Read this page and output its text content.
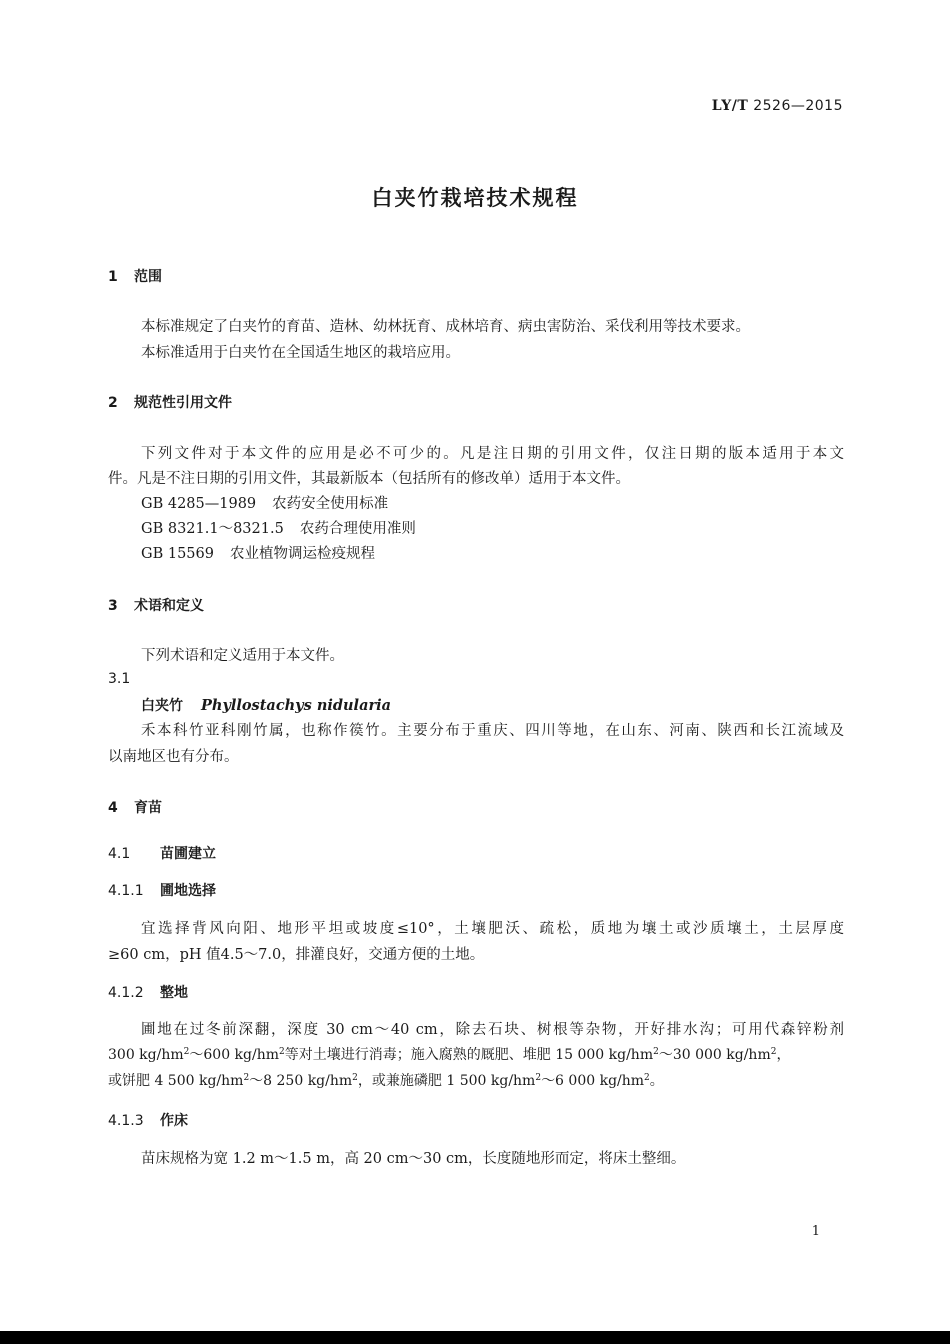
LY/T 2526—2015
白夹竹栽培技术规程
1 范围
本标准规定了白夹竹的育苗、造林、幼林抚育、成林培育、病虫害防治、采伐利用等技术要求。
本标准适用于白夹竹在全国适生地区的栽培应用。
2 规范性引用文件
下列文件对于本文件的应用是必不可少的。凡是注日期的引用文件，仅注日期的版本适用于本文
件。凡是不注日期的引用文件，其最新版本（包括所有的修改单）适用于本文件。
GB 4285—1989 农药安全使用标准
GB 8321.1～8321.5 农药合理使用准则
GB 15569 农业植物调运检疫规程
3 术语和定义
下列术语和定义适用于本文件。
3.1
白夹竹 Phyllostachys nidularia
禾本科竹亚科刚竹属，也称作篌竹。主要分布于重庆、四川等地，在山东、河南、陕西和长江流域及
以南地区也有分布。
4 育苗
4.1 苗圃建立
4.1.1 圃地选择
宜选择背风向阳、地形平坦或坡度≤10°，土壤肥沃、疏松，质地为壤土或沙质壤土，土层厚度
≥60 cm，pH 值4.5～7.0，排灌良好，交通方便的土地。
4.1.2 整地
圃地在过冬前深翻，深度 30 cm～40 cm，除去石块、树根等杂物，开好排水沟；可用代森锌粉剂
300 $kg/hm^2\sim 600$ $kg/hm^2$等对土壤进行消毒；施入腐熟的厩肥、堆肥 15 000 $kg/hm^2\sim 30$ 000 $kg/hm^2$，
或饼肥 4 500 $kg/hm^2\sim 8$ 250 $kg/hm^2$，或兼施磷肥 1 500 $kg/hm^2\sim 6$ 000 $kg/hm^2$。
4.1.3 作床
苗床规格为宽 1.2 m～1.5 m，高 20 cm～30 cm，长度随地形而定，将床土整细。
1
